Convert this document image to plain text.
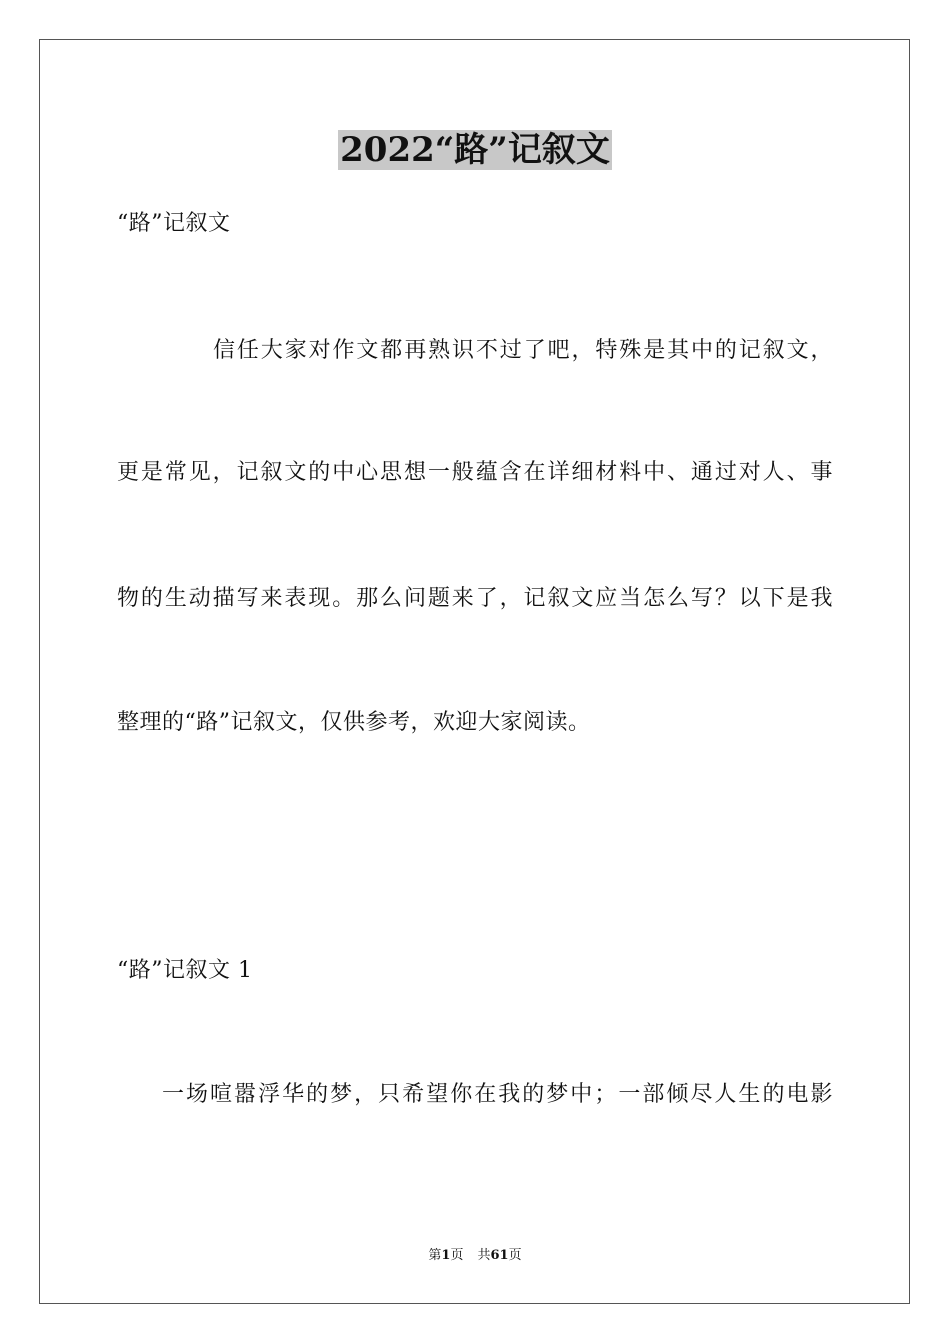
2022“路”记叙文
“路”记叙文
信任大家对作文都再熟识不过了吧，特殊是其中的记叙文，
更是常见，记叙文的中心思想一般蕴含在详细材料中、通过对人、事
物的生动描写来表现。那么问题来了，记叙文应当怎么写？以下是我
整理的“路”记叙文，仅供参考，欢迎大家阅读。
“路”记叙文 1
一场喧嚣浮华的梦，只希望你在我的梦中；一部倾尽人生的电影
第1页 共61页
